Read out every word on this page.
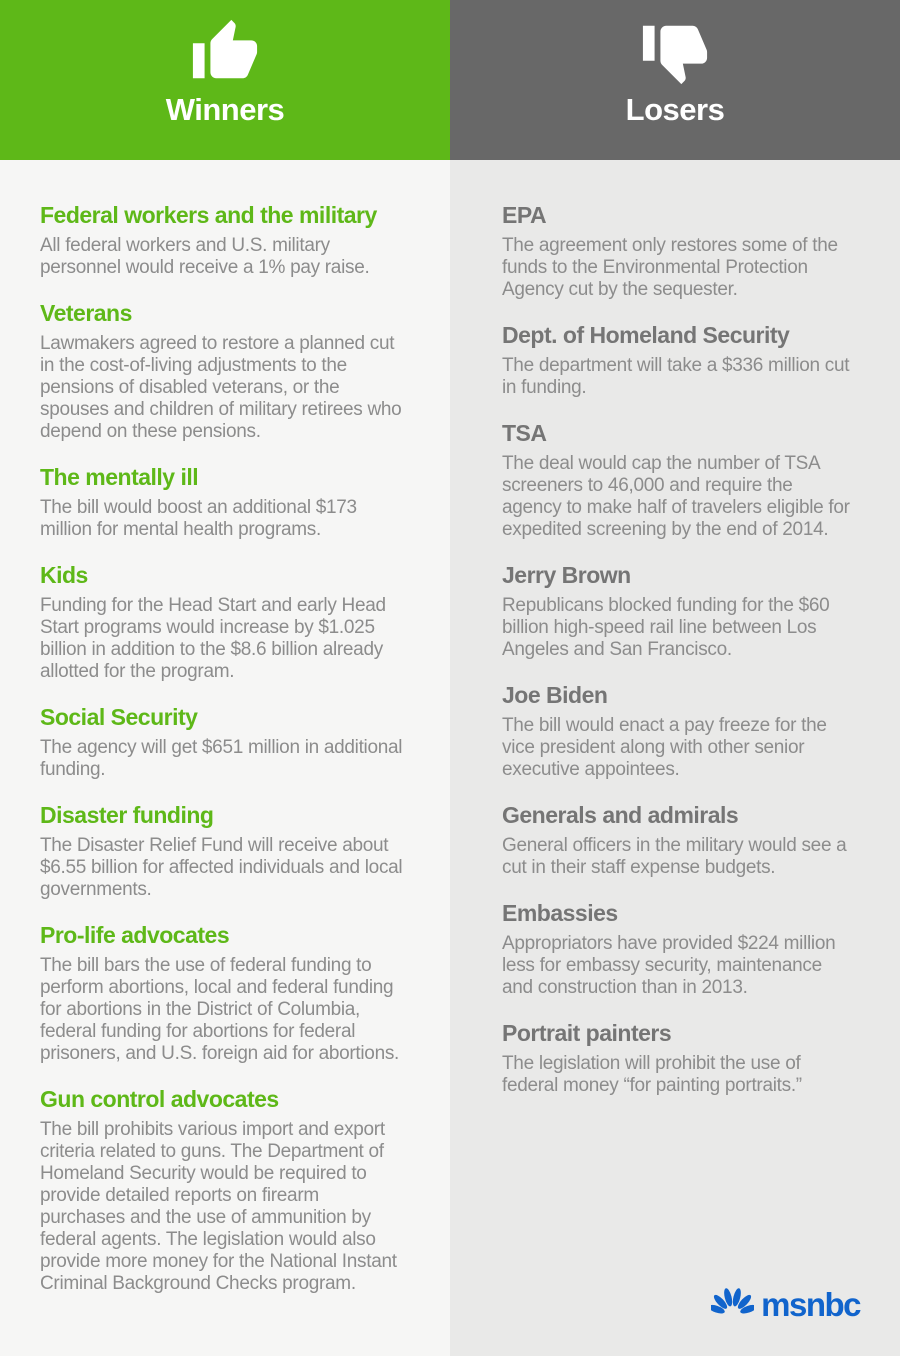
Winners	Losers
Federal workers and the military

All federal workers and U.S. military personnel would receive a 1% pay raise.

Veterans

Lawmakers agreed to restore a planned cut in the cost-of-living adjustments to the pensions of disabled veterans, or the spouses and children of military retirees who depend on these pensions.

The mentally ill

The bill would boost an additional $173 million for mental health programs.

Kids

Funding for the Head Start and early Head Start programs would increase by $1.025 billion in addition to the $8.6 billion already allotted for the program.

Social Security

The agency will get $651 million in additional funding.

Disaster funding

The Disaster Relief Fund will receive about $6.55 billion for affected individuals and local governments.

Pro-life advocates

The bill bars the use of federal funding to perform abortions, local and federal funding for abortions in the District of Columbia, federal funding for abortions for federal prisoners, and U.S. foreign aid for abortions.

Gun control advocates

The bill prohibits various import and export criteria related to guns. The Department of Homeland Security would be required to provide detailed reports on firearm purchases and the use of ammunition by federal agents. The legislation would also provide more money for the National Instant Criminal Background Checks program.

EPA

The agreement only restores some of the funds to the Environmental Protection Agency cut by the sequester.

Dept. of Homeland Security

The department will take a $336 million cut in funding.

TSA

The deal would cap the number of TSA screeners to 46,000 and require the agency to make half of travelers eligible for expedited screening by the end of 2014.

Jerry Brown

Republicans blocked funding for the $60 billion high-speed rail line between Los Angeles and San Francisco.

Joe Biden

The bill would enact a pay freeze for the vice president along with other senior executive appointees.

Generals and admirals

General officers in the military would see a cut in their staff expense budgets.

Embassies

Appropriators have provided $224 million less for embassy security, maintenance and construction than in 2013.

Portrait painters

The legislation will prohibit the use of federal money “for painting portraits.”

msnbc
